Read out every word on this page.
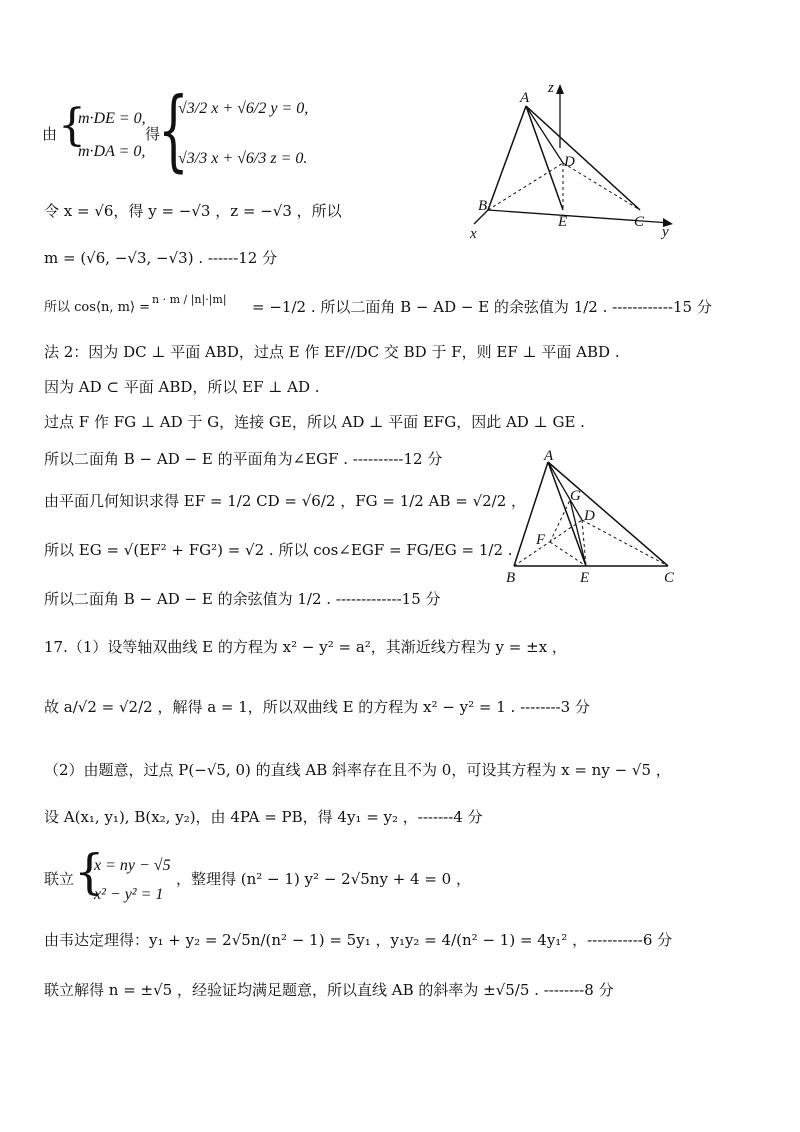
由 {
m·DE = 0,
m·DA = 0,
得
{
√3/2 x + √6/2 y = 0,
√3/3 x + √6/3 z = 0.
令 x = √6，得 y = −√3 ，z = −√3 ，所以
m = (√6, −√3, −√3) . ------12 分
所以 cos⟨n, m⟩ =
n · m / |n|·|m| = −1/2 . 所以二面角 B − AD − E 的余弦值为 1/2 . ------------15 分
法 2：因为 DC ⊥ 平面 ABD，过点 E 作 EF//DC 交 BD 于 F，则 EF ⊥ 平面 ABD .
因为 AD ⊂ 平面 ABD，所以 EF ⊥ AD .
过点 F 作 FG ⊥ AD 于 G，连接 GE，所以 AD ⊥ 平面 EFG，因此 AD ⊥ GE .
所以二面角 B − AD − E 的平面角为∠EGF . ----------12 分
由平面几何知识求得 EF = 1/2 CD = √6/2 ，FG = 1/2 AB = √2/2 ，
所以 EG = √(EF² + FG²) = √2 . 所以 cos∠EGF = FG/EG = 1/2 .
所以二面角 B − AD − E 的余弦值为 1/2 . -------------15 分
17.（1）设等轴双曲线 E 的方程为 x² − y² = a²，其渐近线方程为 y = ±x ，
故 a/√2 = √2/2 ，解得 a = 1，所以双曲线 E 的方程为 x² − y² = 1 . --------3 分
（2）由题意，过点 P(−√5, 0) 的直线 AB 斜率存在且不为 0，可设其方程为 x = ny − √5 ，
设 A(x₁, y₁), B(x₂, y₂)，由 4PA = PB，得 4y₁ = y₂ ，-------4 分
联立 {
x = ny − √5
x² − y² = 1
，整理得 (n² − 1) y² − 2√5ny + 4 = 0 ，
由韦达定理得：y₁ + y₂ = 2√5n/(n² − 1) = 5y₁ ，y₁y₂ = 4/(n² − 1) = 4y₁² ，-----------6 分
联立解得 n = ±√5 ，经验证均满足题意，所以直线 AB 的斜率为 ±√5/5 . --------8 分
A
B
C
D
E
x	y
z
A
B	C
D
E
F
G
